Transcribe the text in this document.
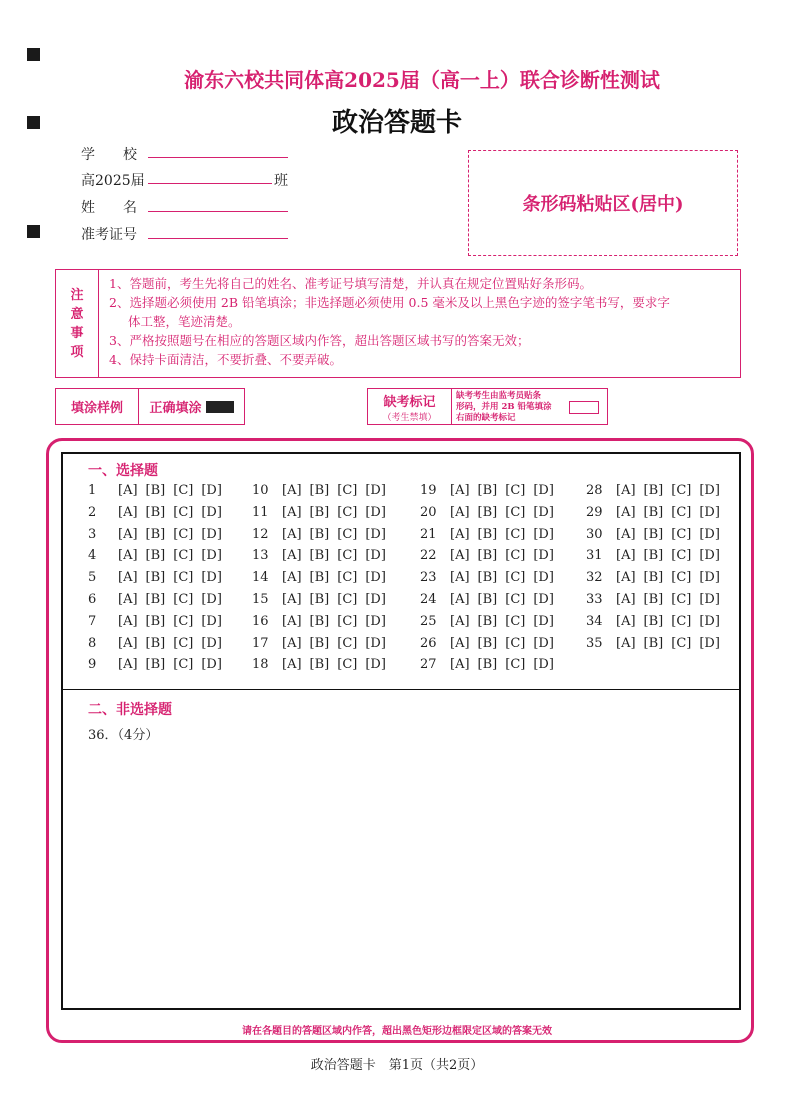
渝东六校共同体高2025届（高一上）联合诊断性测试
政治答题卡
学　　校
高2025届	班
姓　　名
准考证号
条形码粘贴区(居中)
注
意
事
项
1、答题前，考生先将自己的姓名、准考证号填写清楚，并认真在规定位置贴好条形码。
2、选择题必须使用 2B 铅笔填涂；非选择题必须使用 0.5 毫米及以上黑色字迹的签字笔书写，要求字
体工整，笔迹清楚。
3、严格按照题号在相应的答题区域内作答，超出答题区域书写的答案无效；
4、保持卡面清洁，不要折叠、不要弄破。
填涂样例	正确填涂	缺考标记
（考生禁填）
缺考考生由监考员贴条
形码，并用 2B 铅笔填涂
右面的缺考标记
一、选择题
1 [A] [B] [C] [D]
2 [A] [B] [C] [D]
3 [A] [B] [C] [D]
4 [A] [B] [C] [D]
5 [A] [B] [C] [D]
6 [A] [B] [C] [D]
7 [A] [B] [C] [D]
8 [A] [B] [C] [D]
9 [A] [B] [C] [D]
10 [A] [B] [C] [D]
11 [A] [B] [C] [D]
12 [A] [B] [C] [D]
13 [A] [B] [C] [D]
14 [A] [B] [C] [D]
15 [A] [B] [C] [D]
16 [A] [B] [C] [D]
17 [A] [B] [C] [D]
18 [A] [B] [C] [D]
19 [A] [B] [C] [D]
20 [A] [B] [C] [D]
21 [A] [B] [C] [D]
22 [A] [B] [C] [D]
23 [A] [B] [C] [D]
24 [A] [B] [C] [D]
25 [A] [B] [C] [D]
26 [A] [B] [C] [D]
27 [A] [B] [C] [D]
28 [A] [B] [C] [D]
29 [A] [B] [C] [D]
30 [A] [B] [C] [D]
31 [A] [B] [C] [D]
32 [A] [B] [C] [D]
33 [A] [B] [C] [D]
34 [A] [B] [C] [D]
35 [A] [B] [C] [D]
二、非选择题
36．（4分）
请在各题目的答题区域内作答，超出黑色矩形边框限定区域的答案无效
政治答题卡　第1页（共2页）
